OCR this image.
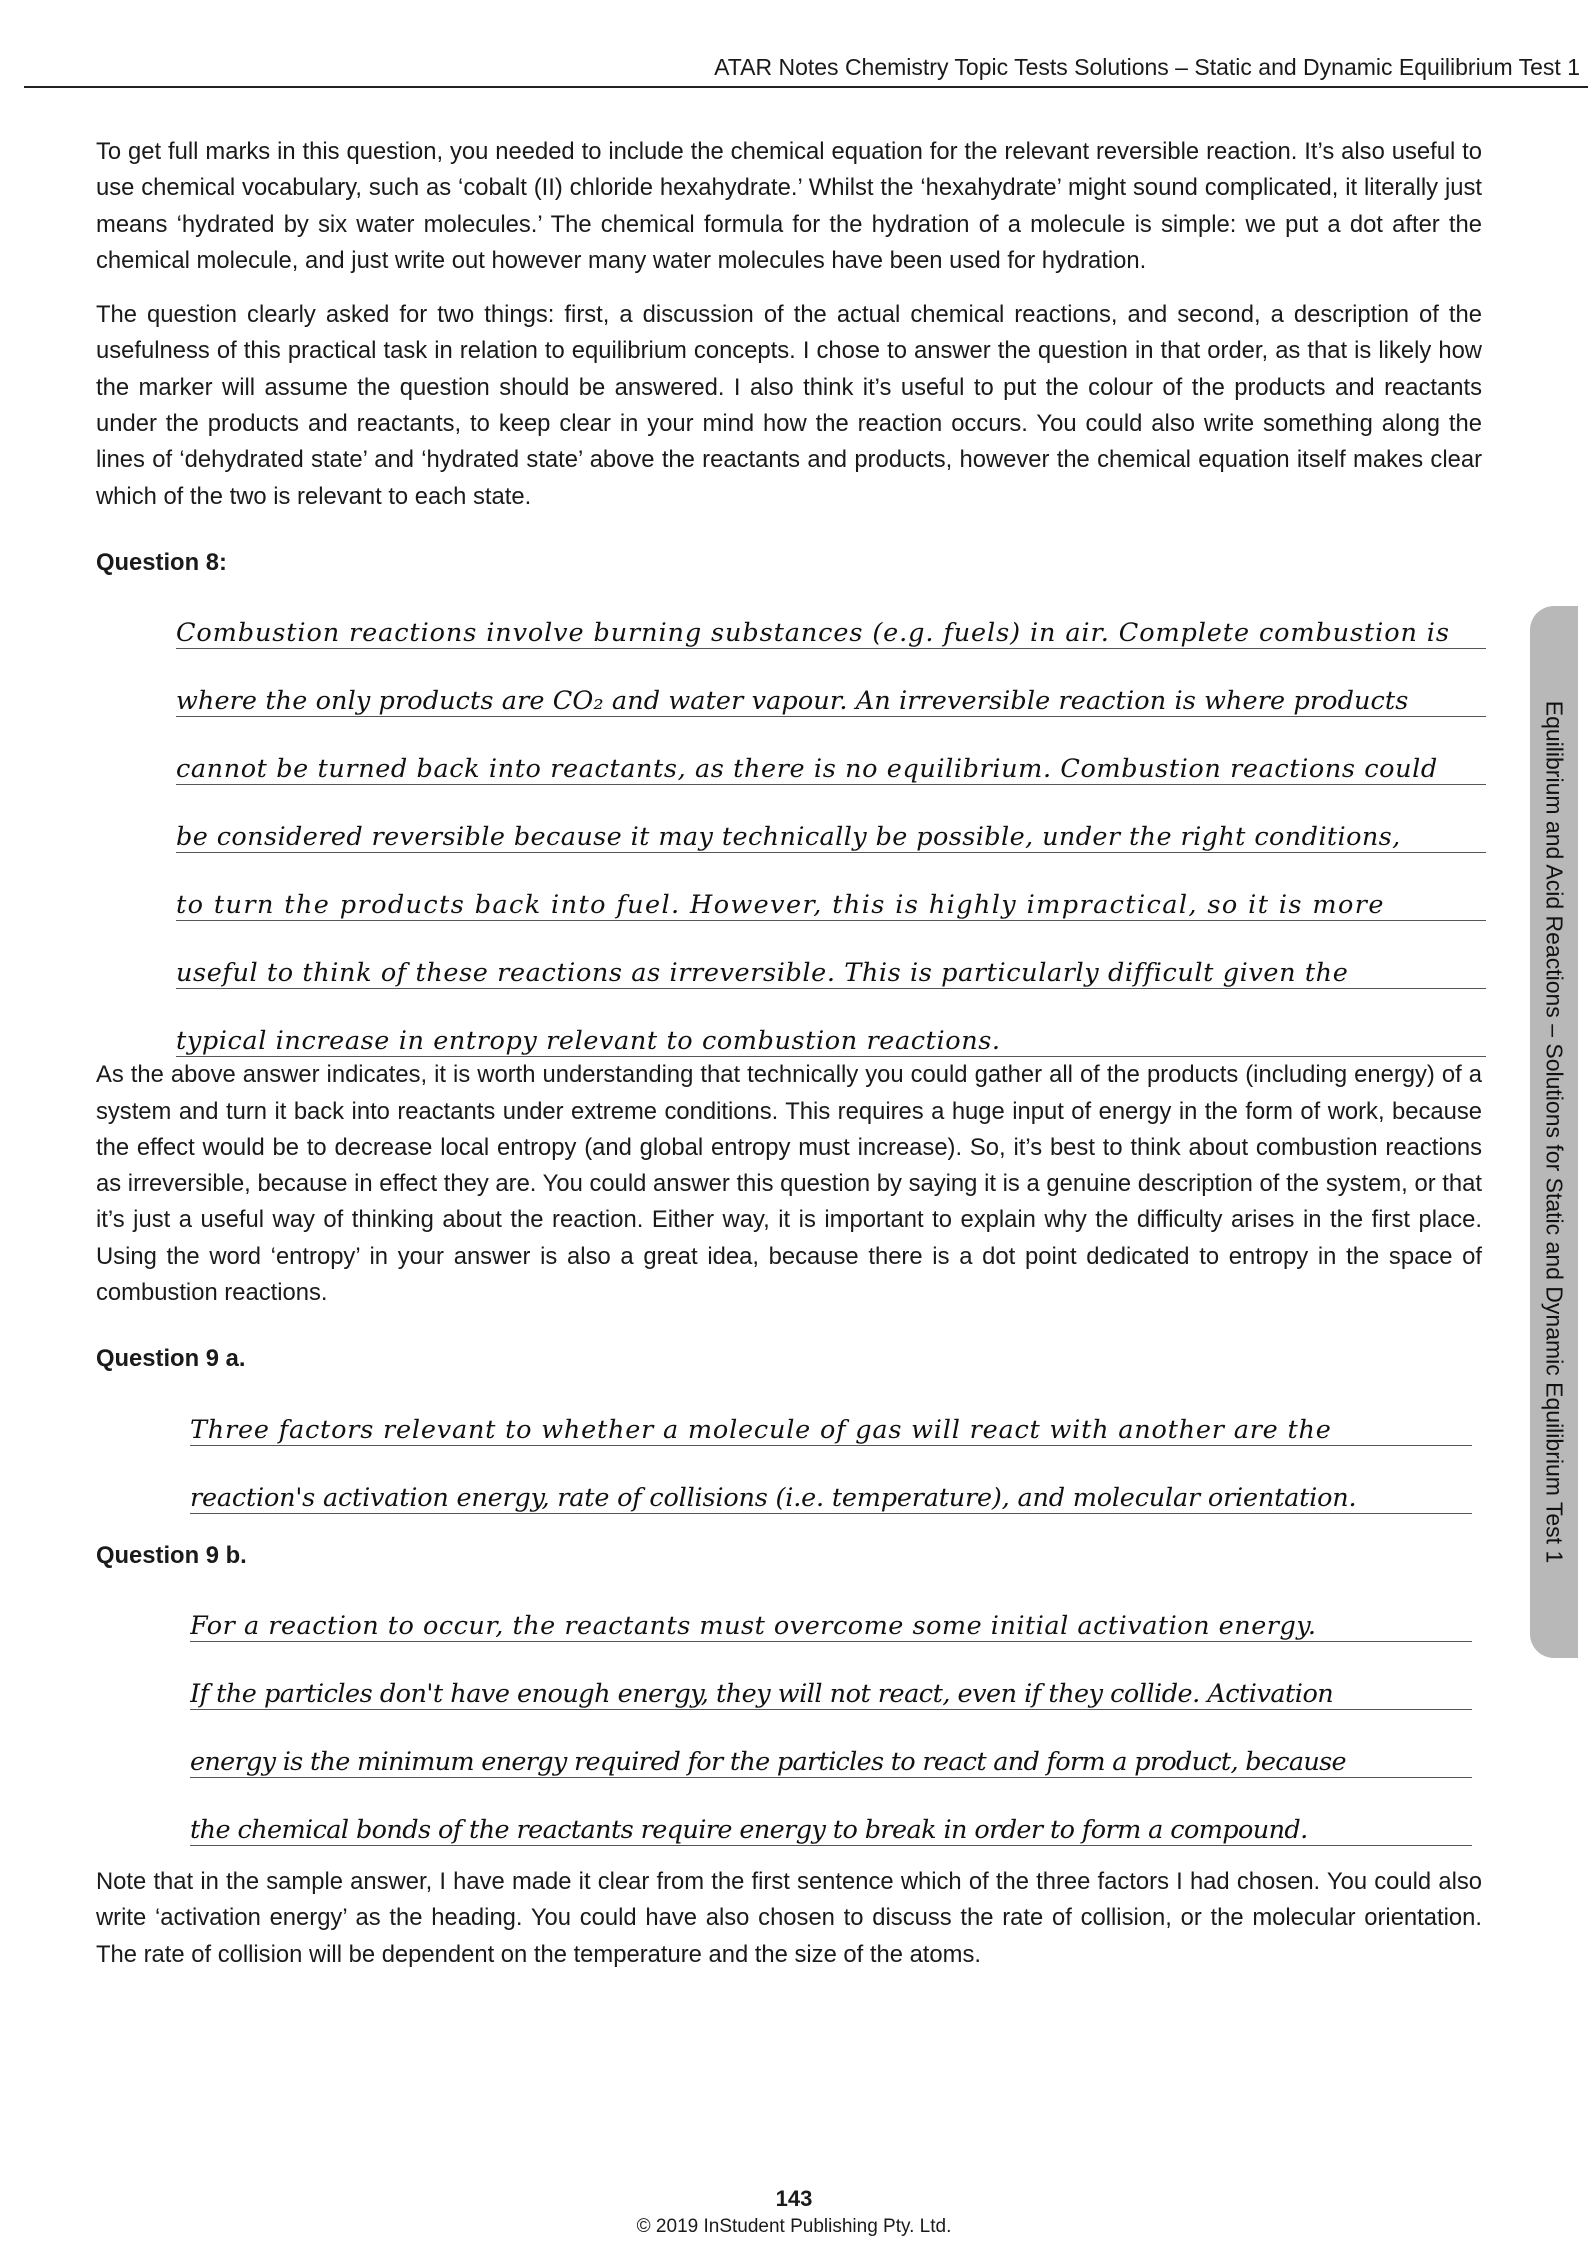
ATAR Notes Chemistry Topic Tests Solutions – Static and Dynamic Equilibrium Test 1

To get full marks in this question, you needed to include the chemical equation for the relevant reversible reaction. It’s also useful to use chemical vocabulary, such as ‘cobalt (II) chloride hexahydrate.’ Whilst the ‘hexahydrate’ might sound complicated, it literally just means ‘hydrated by six water molecules.’ The chemical formula for the hydration of a molecule is simple: we put a dot after the chemical molecule, and just write out however many water molecules have been used for hydration.

The question clearly asked for two things: first, a discussion of the actual chemical reactions, and second, a description of the usefulness of this practical task in relation to equilibrium concepts. I chose to answer the question in that order, as that is likely how the marker will assume the question should be answered. I also think it’s useful to put the colour of the products and reactants under the products and reactants, to keep clear in your mind how the reaction occurs. You could also write something along the lines of ‘dehydrated state’ and ‘hydrated state’ above the reactants and products, however the chemical equation itself makes clear which of the two is relevant to each state.

Question 8:
Combustion reactions involve burning substances (e.g. fuels) in air. Complete combustion is
where the only products are CO₂ and water vapour. An irreversible reaction is where products
cannot be turned back into reactants, as there is no equilibrium. Combustion reactions could
be considered reversible because it may technically be possible, under the right conditions,
to turn the products back into fuel. However, this is highly impractical, so it is more
useful to think of these reactions as irreversible. This is particularly difficult given the
typical increase in entropy relevant to combustion reactions.

As the above answer indicates, it is worth understanding that technically you could gather all of the products (including energy) of a system and turn it back into reactants under extreme conditions. This requires a huge input of energy in the form of work, because the effect would be to decrease local entropy (and global entropy must increase). So, it’s best to think about combustion reactions as irreversible, because in effect they are. You could answer this question by saying it is a genuine description of the system, or that it’s just a useful way of thinking about the reaction. Either way, it is important to explain why the difficulty arises in the first place. Using the word ‘entropy’ in your answer is also a great idea, because there is a dot point dedicated to entropy in the space of combustion reactions.

Question 9 a.
Three factors relevant to whether a molecule of gas will react with another are the
reaction's activation energy, rate of collisions (i.e. temperature), and molecular orientation.
Question 9 b.
For a reaction to occur, the reactants must overcome some initial activation energy.
If the particles don't have enough energy, they will not react, even if they collide. Activation
energy is the minimum energy required for the particles to react and form a product, because
the chemical bonds of the reactants require energy to break in order to form a compound.

Note that in the sample answer, I have made it clear from the first sentence which of the three factors I had chosen. You could also write ‘activation energy’ as the heading. You could have also chosen to discuss the rate of collision, or the molecular orientation. The rate of collision will be dependent on the temperature and the size of the atoms.

Equilibrium and Acid Reactions – Solutions for Static and Dynamic Equilibrium Test 1
143
© 2019 InStudent Publishing Pty. Ltd.
